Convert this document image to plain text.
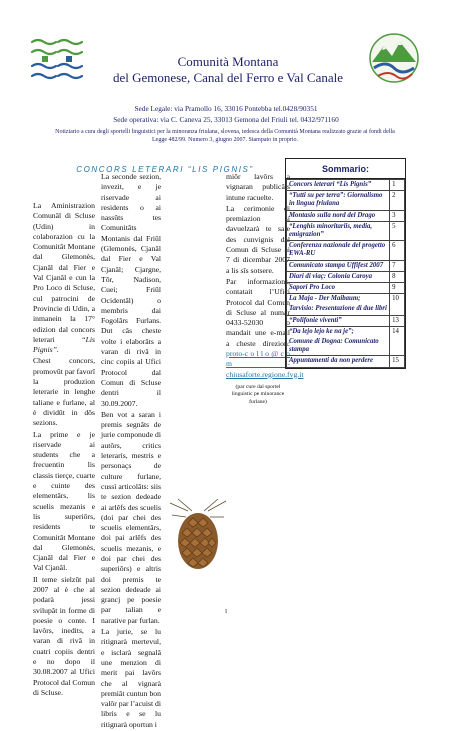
Comunità Montana
del Gemonese, Canal del Ferro e Val Canale
Sede Legale: via Pramollo 16, 33016 Pontebba tel.0428/90351
Sede operativa: via C. Caneva 25, 33013 Gemona del Friuli tel. 0432/971160
Notiziario a cura degli sportelli linguistici per la minoranza friulana, slovena, tedesca della Comunità Montana realizzato grazie ai fondi della Legge 482/99. Numero 3, giugno 2007. Stampato in proprio.
CONCORS LETERARI “LIS PIGNIS”

La Aministrazion Comunâl di Scluse (Udin) in colaborazion cu la Comunitât Montane dal Glemonès, Cjanâl dal Fier e Val Cjanâl e cun la Pro Loco di Scluse, cul patrocini de Provincie di Udin, a inmanein la 17° edizion dal concors leterari “Lis Pignis”.

Chest concors, promovût par favorî la produzion leterarie in lenghe taliane e furlane, al è dividût in dôs sezions.

La prime e je riservade ai students che a frecuentin lis classis tierçe, cuarte e cuinte des elementârs, lis scuelis mezanis e lis superiôrs, residents te Comunitât Montane dal Glemonès, Cjanâl dal Fier e Val Cjanâl.

Il teme sielzût pal 2007 al è che al podarà jessi svilupât in forme di poesie o conte. I lavôrs, inedits, a varan di rivâ in cuatri copiis dentri e no dopo il 30.08.2007 al Ufici Protocol dal Comun di Scluse.

La seconde sezion, invezit, e je riservade ai residents o ai nassûts tes Comunitâts Montanis dal Friûl (Glemonès, Cjanâl dal Fier e Val Cjanâl; Cjargne, Tôr, Nadison, Cuei; Friûl Ocidentâl) o membris dai Fogolârs Furlans. Dut câs cheste volte i elaborâts a varan di rivâ in cinc copiis al Ufici Protocol dal Comun di Scluse dentri il 30.09.2007.

Ben vot a saran i premis segnâts de jurie componude di autôrs, critics leteraris, mestris e personaçs de culture furlane, cussì articolâts: siis te sezion dedeade ai arlêfs des scuelis (doi par chei des scuelis elementârs, doi pai arlêfs des scuelis mezanis, e doi par chei des superiôrs) e altris doi premis te sezion dedeade ai grancj pe poesie par talian e narative par furlan.

La jurie, se lu ritignarà mertevul, e isclarà segnalâ une menzion di merit pai lavôrs che al vignarà premiât cuntun bon valôr par l’acuist di libris e se lu ritignarà oportun i

miôr lavôrs a vignaran publicâts intune racuelte.

La cerimonie di premiazion si davuelzarà te sale des cunvignis dal Comun di Scluse ai 7 di dicembar 2007 a lis sîs sotsere.

Par informazions, contatait l’Ufici Protocol dal Comun di Scluse al numar 0433-52030 o mandait une e-mail a cheste direzion: proto-c o l l o @ c o m - chiusaforte.regione.fvg.it

(par cure dal sportel linguistic pe minorance furlane)

Sommario:
Concors leterari “Lis Pignis”	1
“Tutti su per terra”: Giornalismo in lingua friulana	2
Montasio sulla nord del Drago	3
“Lenghis minoritariis, media, emigrazion”	5
Conferenza nazionale del progetto EWA-RU	6
Comunicato stampa Uffifest 2007	7
Diari di viaç: Colonia Caroya	8
Sapori Pro Loco	9
La Maja - Der Maibaum;
Tarvisio: Presentazione di due libri	10
“Polifonie viventi”	13
“Da lejo lejo ke na je”;
Comune di Dogna: Comunicato stampa	14
Appuntamenti da non perdere	15
1
